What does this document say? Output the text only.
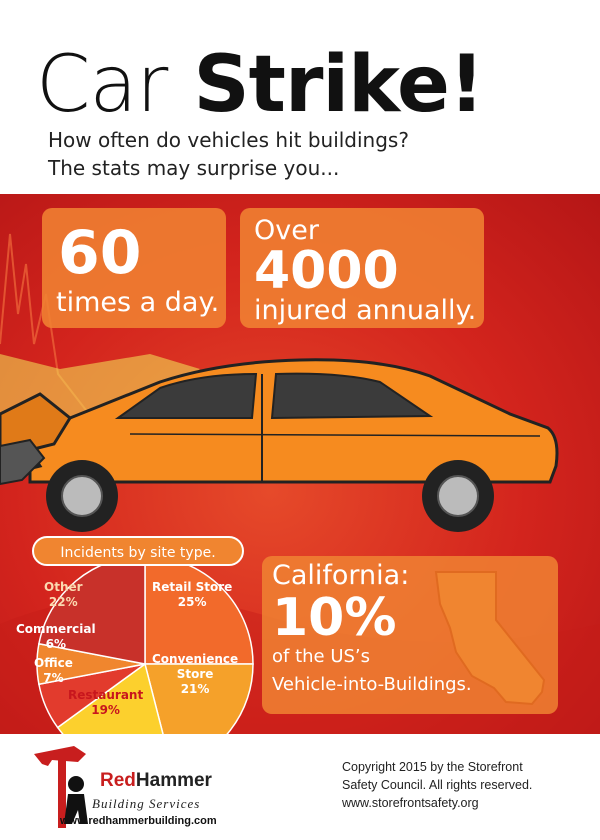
Car Strike!
How often do vehicles hit buildings?
The stats may surprise you...
60
times a day.
Over
4000
injured annually.
Incidents by site type.
Other
22%
Retail Store
25%
Commercial
6%
Office
7%
Restaurant
19%
Convenience
Store
21%
California:
10%
of the US’s
Vehicle-into-Buildings.
RedHammer
Building Services
www.redhammerbuilding.com
Copyright 2015 by the Storefront
Safety Council. All rights reserved.
www.storefrontsafety.org
